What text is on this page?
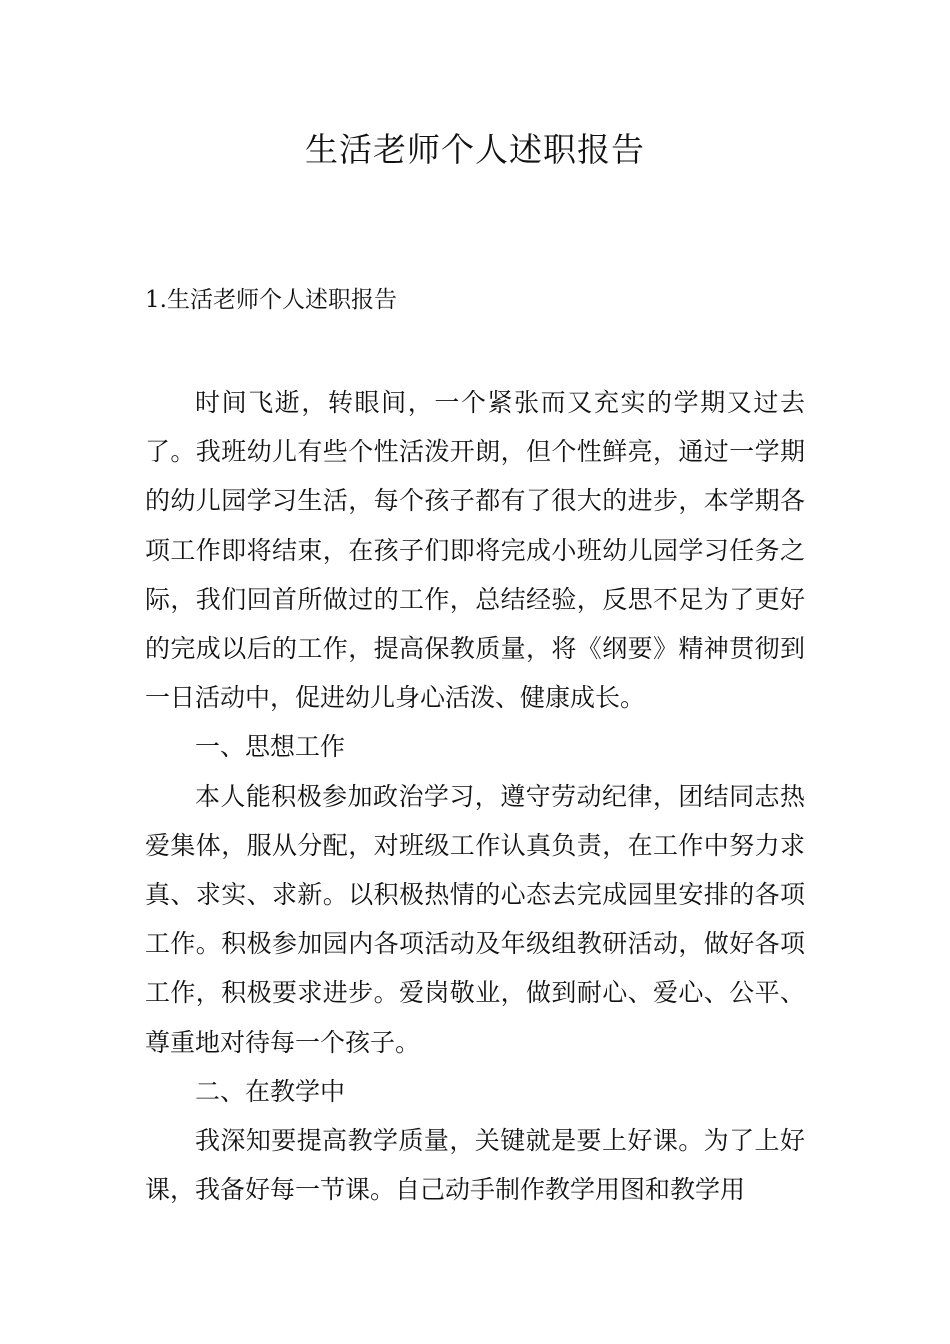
生活老师个人述职报告

1.生活老师个人述职报告

时间飞逝，转眼间，一个紧张而又充实的学期又过去了。我班幼儿有些个性活泼开朗，但个性鲜亮，通过一学期的幼儿园学习生活，每个孩子都有了很大的进步，本学期各项工作即将结束，在孩子们即将完成小班幼儿园学习任务之际，我们回首所做过的工作，总结经验，反思不足为了更好的完成以后的工作，提高保教质量，将《纲要》精神贯彻到一日活动中，促进幼儿身心活泼、健康成长。

一、思想工作

本人能积极参加政治学习，遵守劳动纪律，团结同志热爱集体，服从分配，对班级工作认真负责，在工作中努力求真、求实、求新。以积极热情的心态去完成园里安排的各项工作。积极参加园内各项活动及年级组教研活动，做好各项工作，积极要求进步。爱岗敬业，做到耐心、爱心、公平、尊重地对待每一个孩子。

二、在教学中

我深知要提高教学质量，关键就是要上好课。为了上好课，我备好每一节课。自己动手制作教学用图和教学用
